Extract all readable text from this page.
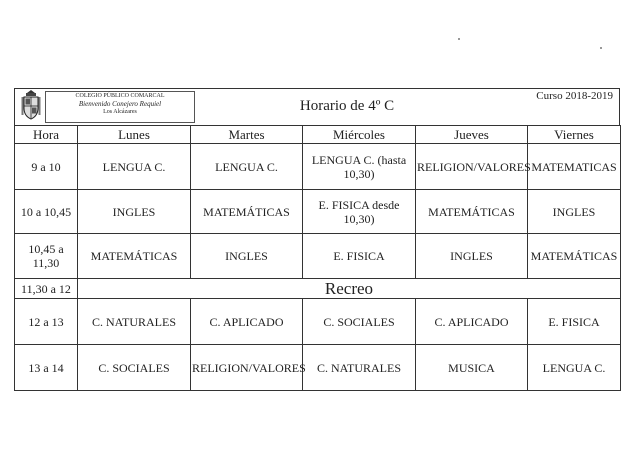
COLEGIO PÚBLICO COMARCAL
Bienvenido Conejero Requiel
Los Alcázares	Horario de 4º C
Curso 2018-2019
Hora	Lunes	Martes	Miércoles	Jueves	Viernes
9 a 10	LENGUA C.	LENGUA C.	LENGUA C. (hasta 10,30)	RELIGION/VALORES	MATEMATICAS
10 a 10,45	INGLES	MATEMÁTICAS	E. FISICA desde 10,30)	MATEMÁTICAS	INGLES
10,45 a 11,30	MATEMÁTICAS	INGLES	E. FISICA	INGLES	MATEMÁTICAS
11,30 a 12	Recreo				
12 a 13	C. NATURALES	C. APLICADO	C. SOCIALES	C. APLICADO	E. FISICA
13 a 14	C. SOCIALES	RELIGION/VALORES	C. NATURALES	MUSICA	LENGUA C.
